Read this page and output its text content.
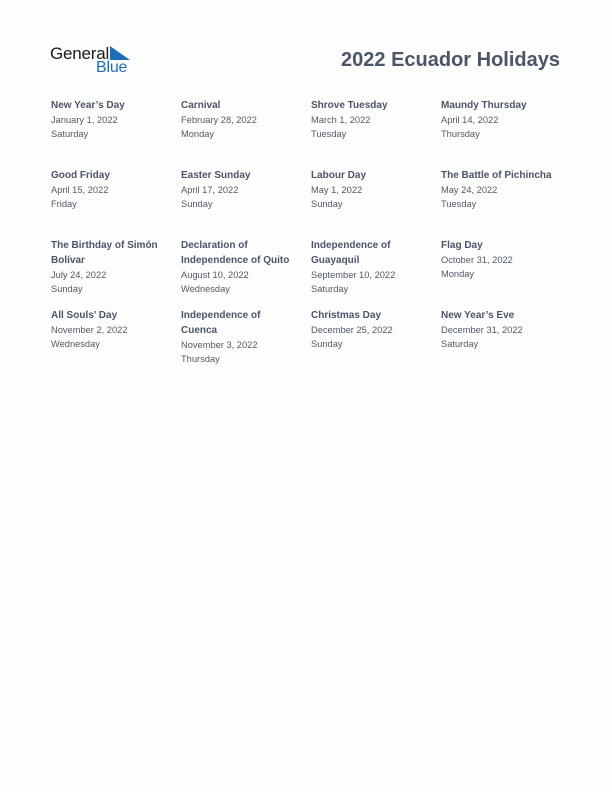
General
Blue	2022 Ecuador Holidays
New Year’s Day
January 1, 2022
Saturday
Carnival
February 28, 2022
Monday
Shrove Tuesday
March 1, 2022
Tuesday
Maundy Thursday
April 14, 2022
Thursday
Good Friday
April 15, 2022
Friday
Easter Sunday
April 17, 2022
Sunday
Labour Day
May 1, 2022
Sunday
The Battle of Pichincha
May 24, 2022
Tuesday
The Birthday of Simón Bolívar
July 24, 2022
Sunday
Declaration of Independence of Quito
August 10, 2022
Wednesday
Independence of Guayaquil
September 10, 2022
Saturday
Flag Day
October 31, 2022
Monday
All Souls’ Day
November 2, 2022
Wednesday
Independence of Cuenca
November 3, 2022
Thursday
Christmas Day
December 25, 2022
Sunday
New Year’s Eve
December 31, 2022
Saturday
